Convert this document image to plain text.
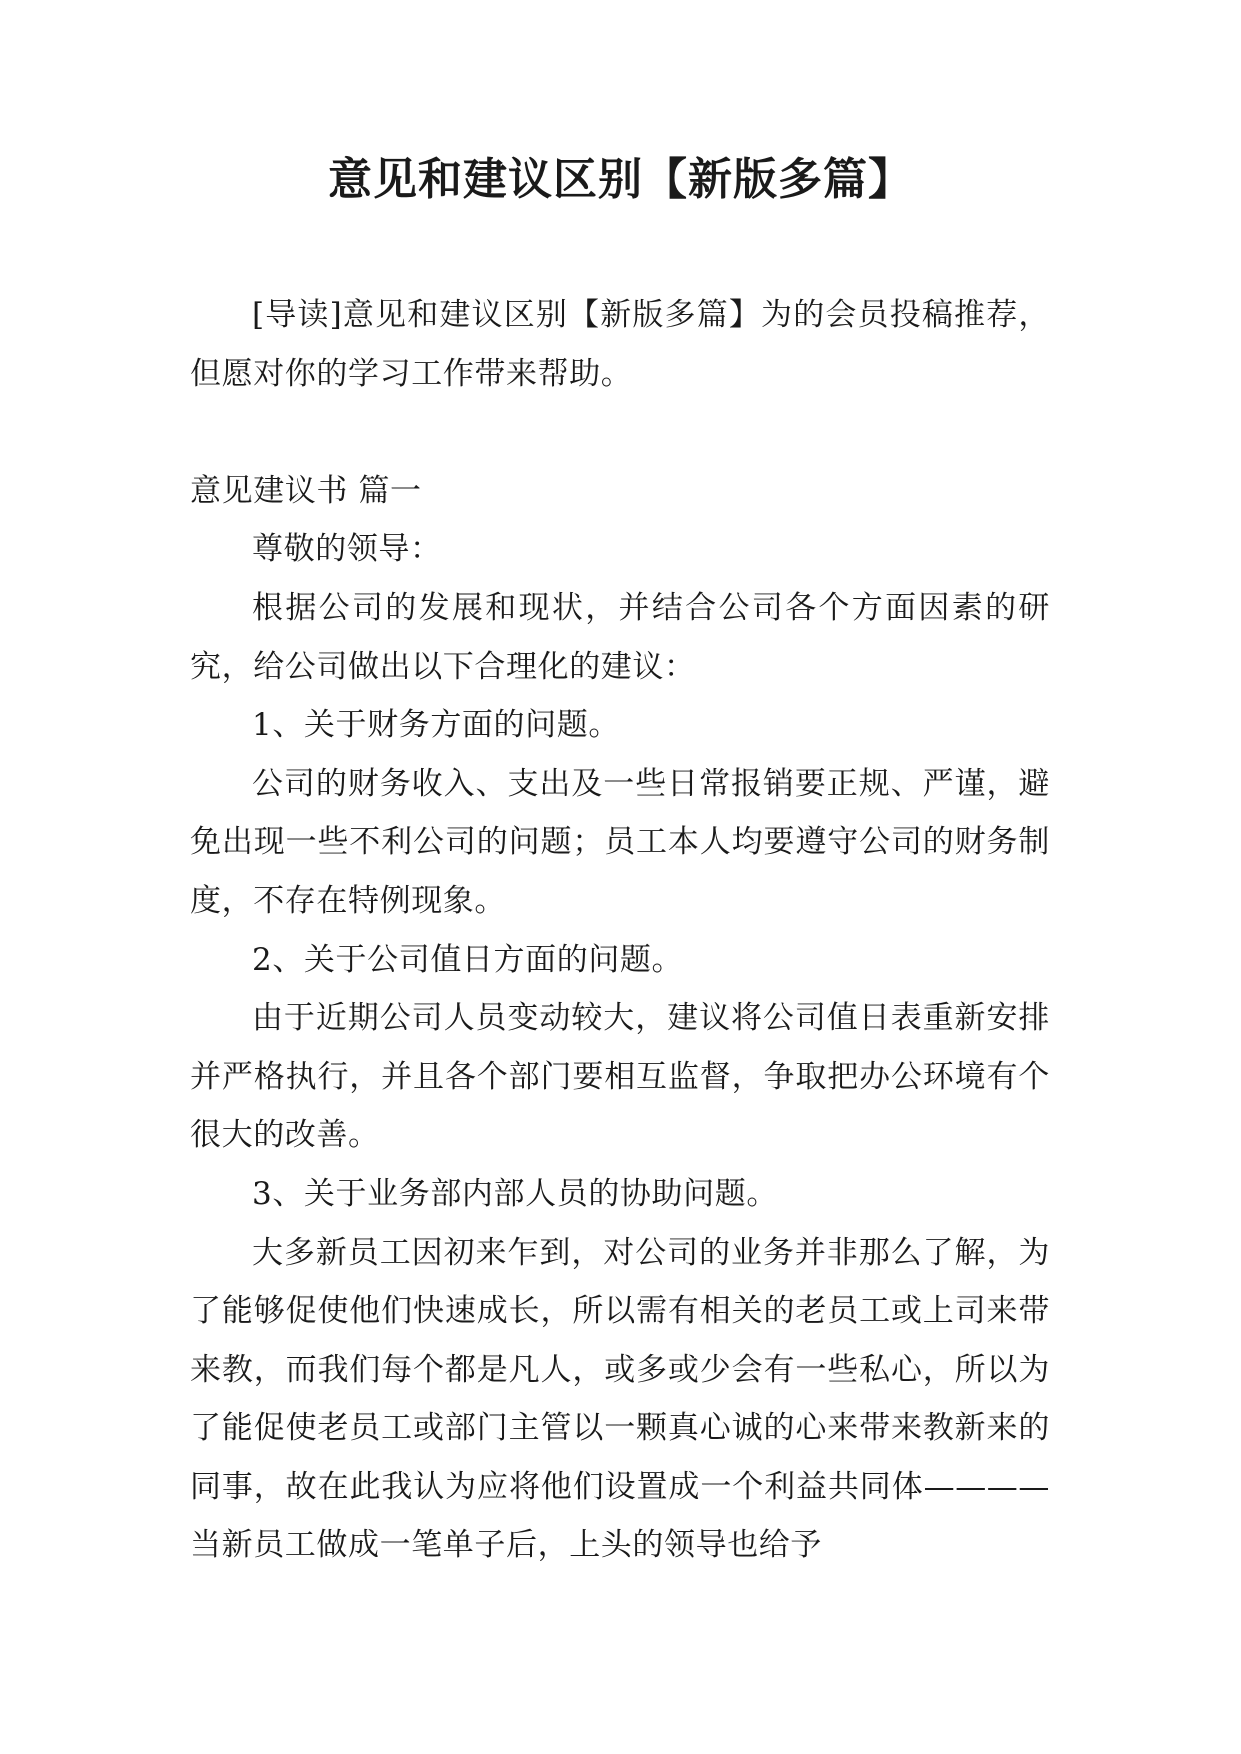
意见和建议区别【新版多篇】

[导读]意见和建议区别【新版多篇】为的会员投稿推荐，但愿对你的学习工作带来帮助。

意见建议书 篇一

尊敬的领导：

根据公司的发展和现状，并结合公司各个方面因素的研究，给公司做出以下合理化的建议：

1、关于财务方面的问题。

公司的财务收入、支出及一些日常报销要正规、严谨，避免出现一些不利公司的问题；员工本人均要遵守公司的财务制度，不存在特例现象。

2、关于公司值日方面的问题。

由于近期公司人员变动较大，建议将公司值日表重新安排并严格执行，并且各个部门要相互监督，争取把办公环境有个很大的改善。

3、关于业务部内部人员的协助问题。

大多新员工因初来乍到，对公司的业务并非那么了解，为了能够促使他们快速成长，所以需有相关的老员工或上司来带来教，而我们每个都是凡人，或多或少会有一些私心，所以为了能促使老员工或部门主管以一颗真心诚的心来带来教新来的同事，故在此我认为应将他们设置成一个利益共同体————当新员工做成一笔单子后，上头的领导也给予
